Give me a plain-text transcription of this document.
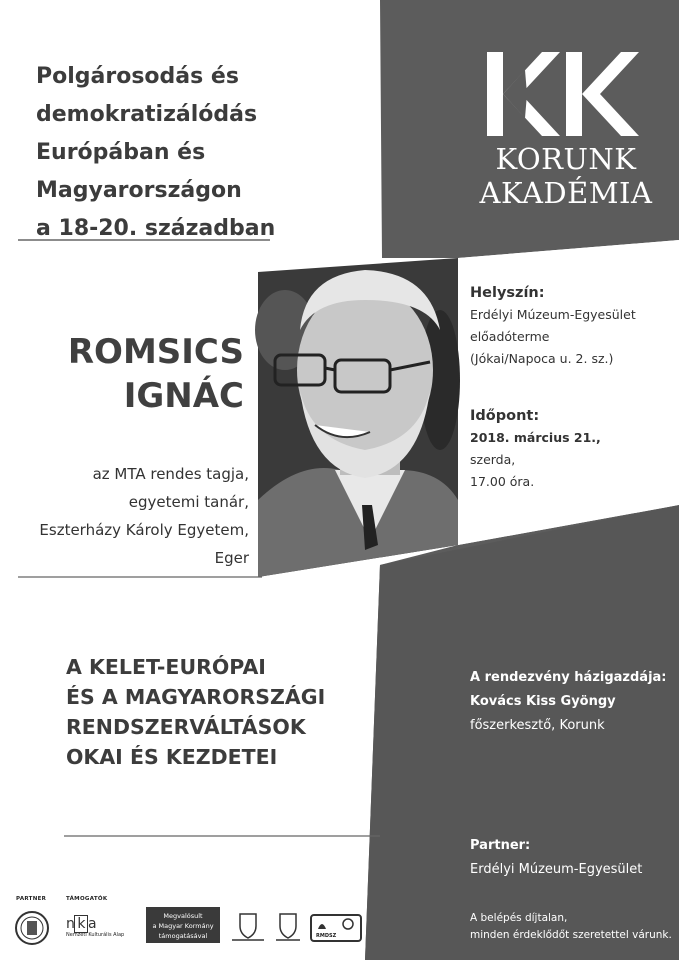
Polgárosodás és
demokratizálódás
Európában és
Magyarországon
a 18-20. században
KORUNK
AKADÉMIA
ROMSICS
IGNÁC
az MTA rendes tagja,
egyetemi tanár,
Eszterházy Károly Egyetem,
Eger
Helyszín:
Erdélyi Múzeum-Egyesület
előadóterme
(Jókai/Napoca u. 2. sz.)
Időpont:
2018. március 21.,
szerda,
17.00 óra.
A KELET-EURÓPAI
ÉS A MAGYARORSZÁGI
RENDSZERVÁLTÁSOK
OKAI ÉS KEZDETEI
A rendezvény házigazdája:
Kovács Kiss Gyöngy
főszerkesztő, Korunk
Partner:
Erdélyi Múzeum-Egyesület
A belépés díjtalan,
minden érdeklődőt szeretettel várunk.
PARTNER	TÁMOGATÓK
n k a
Nemzeti Kulturális Alap
Megvalósult
a Magyar Kormány
támogatásával	RMDSZ
